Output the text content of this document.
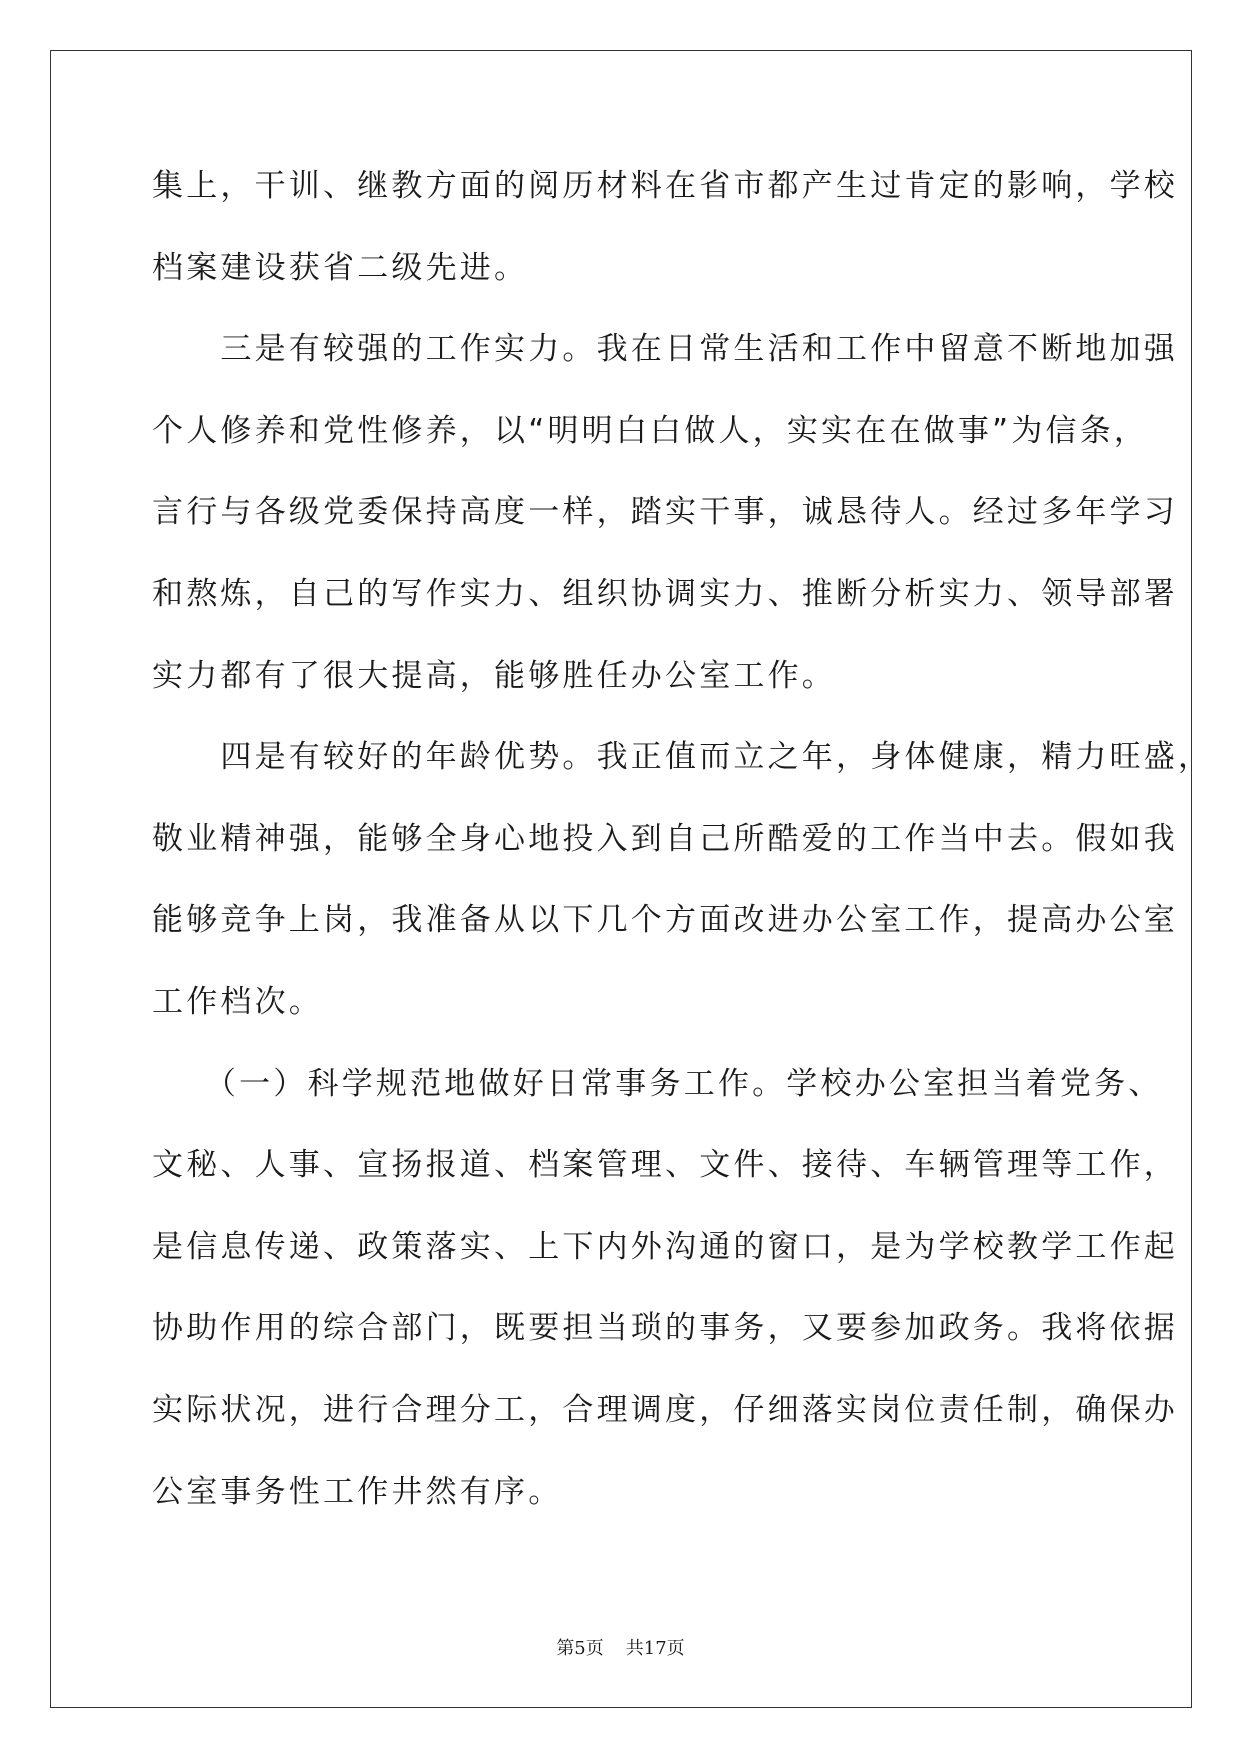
集上，干训、继教方面的阅历材料在省市都产生过肯定的影响，学校
档案建设获省二级先进。
　　三是有较强的工作实力。我在日常生活和工作中留意不断地加强
个人修养和党性修养，以“明明白白做人，实实在在做事”为信条，
言行与各级党委保持高度一样，踏实干事，诚恳待人。经过多年学习
和熬炼，自己的写作实力、组织协调实力、推断分析实力、领导部署
实力都有了很大提高，能够胜任办公室工作。
　　四是有较好的年龄优势。我正值而立之年，身体健康，精力旺盛，
敬业精神强，能够全身心地投入到自己所酷爱的工作当中去。假如我
能够竞争上岗，我准备从以下几个方面改进办公室工作，提高办公室
工作档次。
　　（一）科学规范地做好日常事务工作。学校办公室担当着党务、
文秘、人事、宣扬报道、档案管理、文件、接待、车辆管理等工作，
是信息传递、政策落实、上下内外沟通的窗口，是为学校教学工作起
协助作用的综合部门，既要担当琐的事务，又要参加政务。我将依据
实际状况，进行合理分工，合理调度，仔细落实岗位责任制，确保办
公室事务性工作井然有序。
第5页 共17页
